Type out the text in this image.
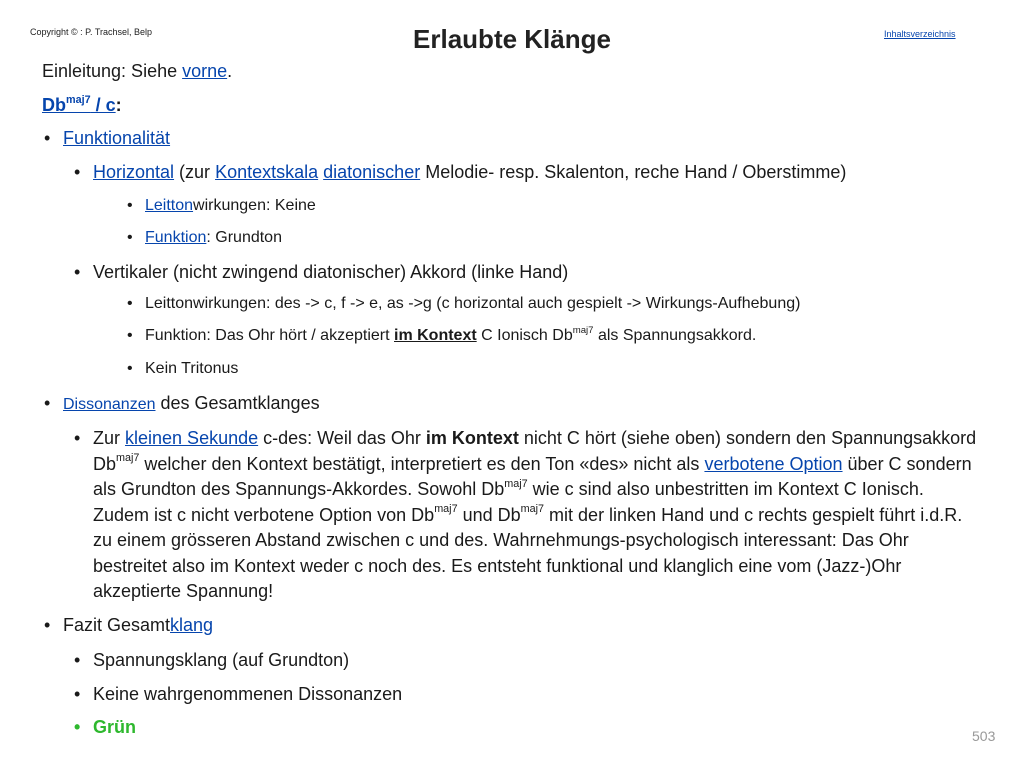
Copyright © : P. Trachsel, Belp	Erlaubte Klänge	Inhaltsverzeichnis
Einleitung: Siehe vorne.
$Db^{maj7}$ / c:
• Funktionalität
• Horizontal (zur Kontextskala diatonischer Melodie- resp. Skalenton, reche Hand / Oberstimme)
• Leittonwirkungen: Keine
• Funktion: Grundton
• Vertikaler (nicht zwingend diatonischer) Akkord (linke Hand)
• Leittonwirkungen: des -> c, f -> e, as ->g (c horizontal auch gespielt -> Wirkungs-Aufhebung)
• Funktion: Das Ohr hört / akzeptiert im Kontext C Ionisch $Db^{maj7}$ als Spannungsakkord.
• Kein Tritonus
• Dissonanzen des Gesamtklanges
• Zur kleinen Sekunde c-des: Weil das Ohr im Kontext nicht C hört (siehe oben) sondern den Spannungsakkord $Db^{maj7}$ welcher den Kontext bestätigt, interpretiert es den Ton «des» nicht als verbotene Option über C sondern als Grundton des Spannungs-Akkordes. Sowohl $Db^{maj7}$ wie c sind also unbestritten im Kontext C Ionisch. Zudem ist c nicht verbotene Option von $Db^{maj7}$ und $Db^{maj7}$ mit der linken Hand und c rechts gespielt führt i.d.R. zu einem grösseren Abstand zwischen c und des. Wahrnehmungs-psychologisch interessant: Das Ohr bestreitet also im Kontext weder c noch des. Es entsteht funktional und klanglich eine vom (Jazz-)Ohr akzeptierte Spannung!
• Fazit Gesamtklang
• Spannungsklang (auf Grundton)
• Keine wahrgenommenen Dissonanzen
• Grün	503
